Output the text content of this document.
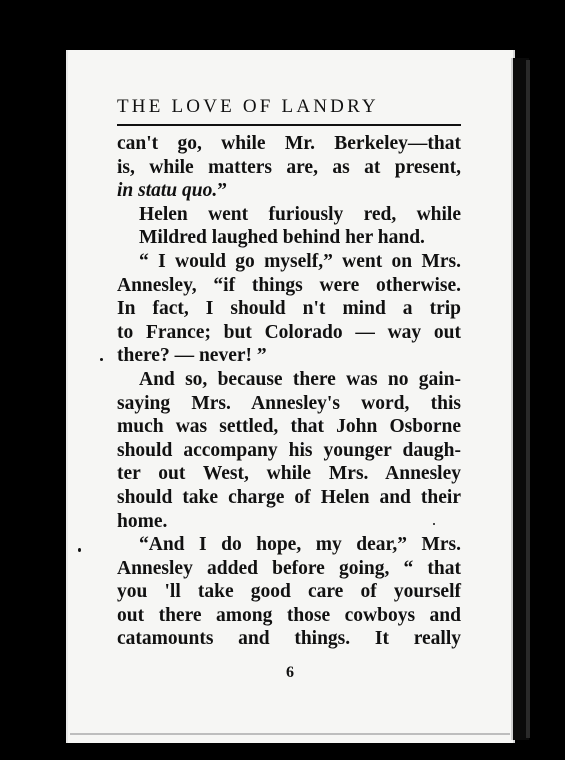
THE LOVE OF LANDRY

can't go, while Mr. Berkeley—that
is, while matters are, as at present,
in statu quo.”

Helen went furiously red, while
Mildred laughed behind her hand.

“ I would go myself,” went on Mrs.
Annesley, “if things were otherwise.
In fact, I should n't mind a trip
to France; but Colorado — way out
there? — never! ”

And so, because there was no gain-
saying Mrs. Annesley's word, this
much was settled, that John Osborne
should accompany his younger daugh-
ter out West, while Mrs. Annesley
should take charge of Helen and their
home.

“And I do hope, my dear,” Mrs.
Annesley added before going, “ that
you 'll take good care of yourself
out there among those cowboys and
catamounts and things. It really

6
